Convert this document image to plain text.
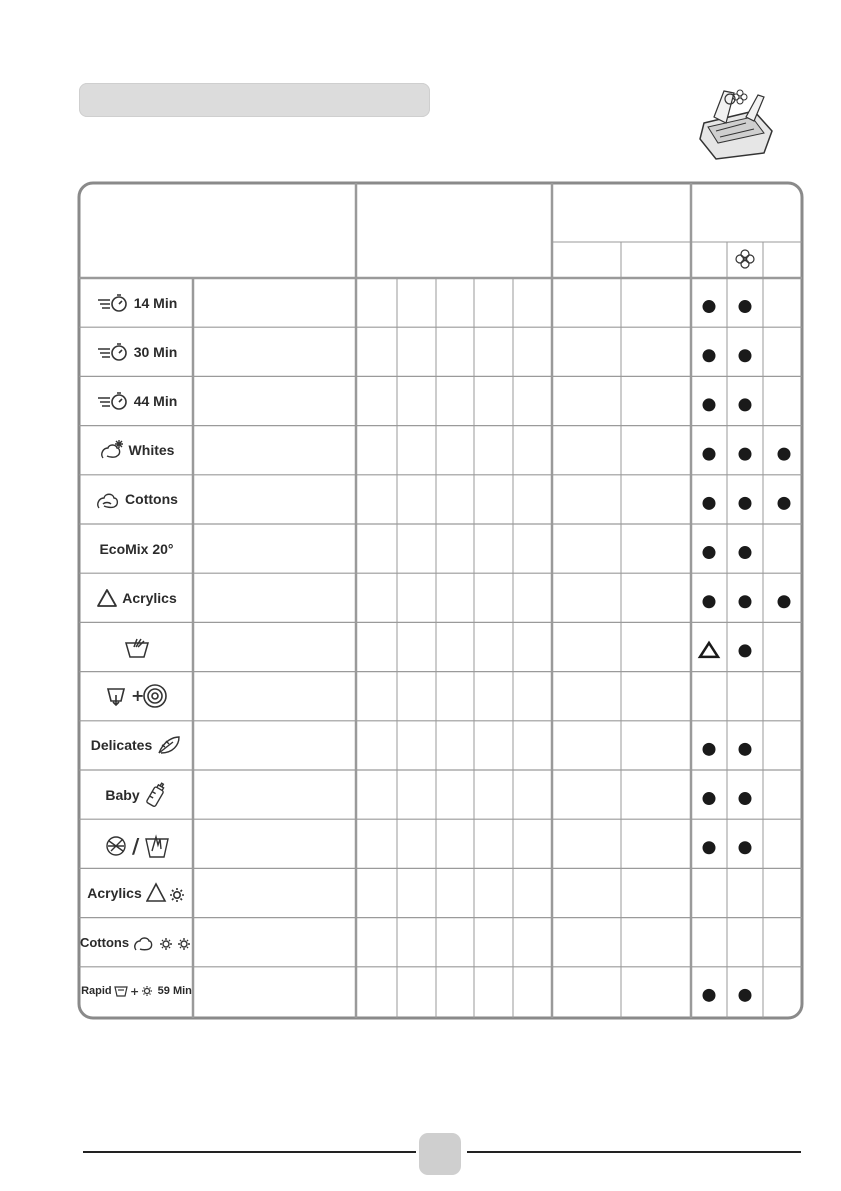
14 Min
30 Min
44 Min
Whites
Cottons
EcoMix 20°
Acrylics
+
Delicates
Baby
/
Acrylics
Cottons
Rapid + 59 Min
